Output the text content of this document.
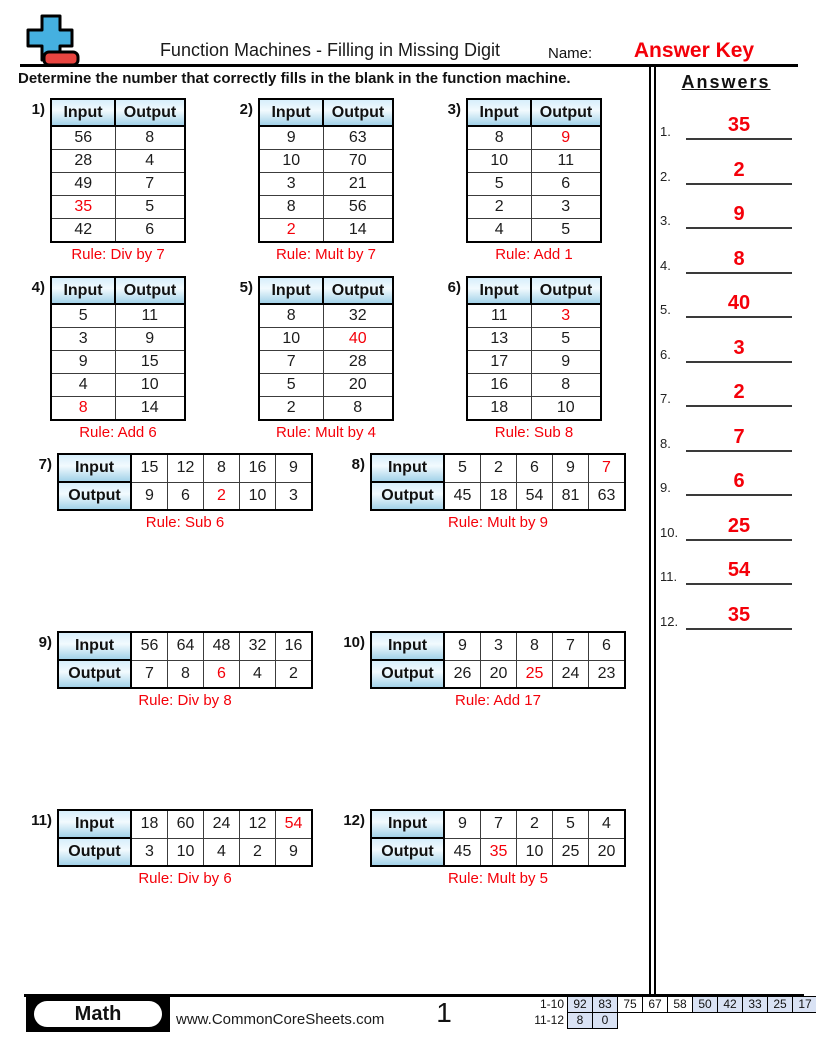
Function Machines - Filling in Missing Digit	Name:	Answer Key
Determine the number that correctly fills in the blank in the function machine.	Answers
1.	35
2.	2
3.	9
4.	8
5.	40
6.	3
7.	2
8.	7
9.	6
10.	25
11.	54
12.	35
1)	Input	Output
56	8
28	4
49	7
35	5
42	6
Rule: Div by 7
2)	Input	Output
9	63
10	70
3	21
8	56
2	14
Rule: Mult by 7
3)	Input	Output
8	9
10	11
5	6
2	3
4	5
Rule: Add 1
4)	Input	Output
5	11
3	9
9	15
4	10
8	14
Rule: Add 6
5)	Input	Output
8	32
10	40
7	28
5	20
2	8
Rule: Mult by 4
6)	Input	Output
11	3
13	5
17	9
16	8
18	10
Rule: Sub 8
7)	Input	15	12	8	16	9
Output	9	6	2	10	3
Rule: Sub 6
8)	Input	5	2	6	9	7
Output	45	18	54	81	63
Rule: Mult by 9
9)	Input	56	64	48	32	16
Output	7	8	6	4	2
Rule: Div by 8
10)	Input	9	3	8	7	6
Output	26	20	25	24	23
Rule: Add 17
11)	Input	18	60	24	12	54
Output	3	10	4	2	9
Rule: Div by 6
12)	Input	9	7	2	5	4
Output	45	35	10	25	20
Rule: Mult by 5
Math	www.CommonCoreSheets.com	1	1-10 92 83 75 67 58 50 42 33 25 17
11-12	8	0
